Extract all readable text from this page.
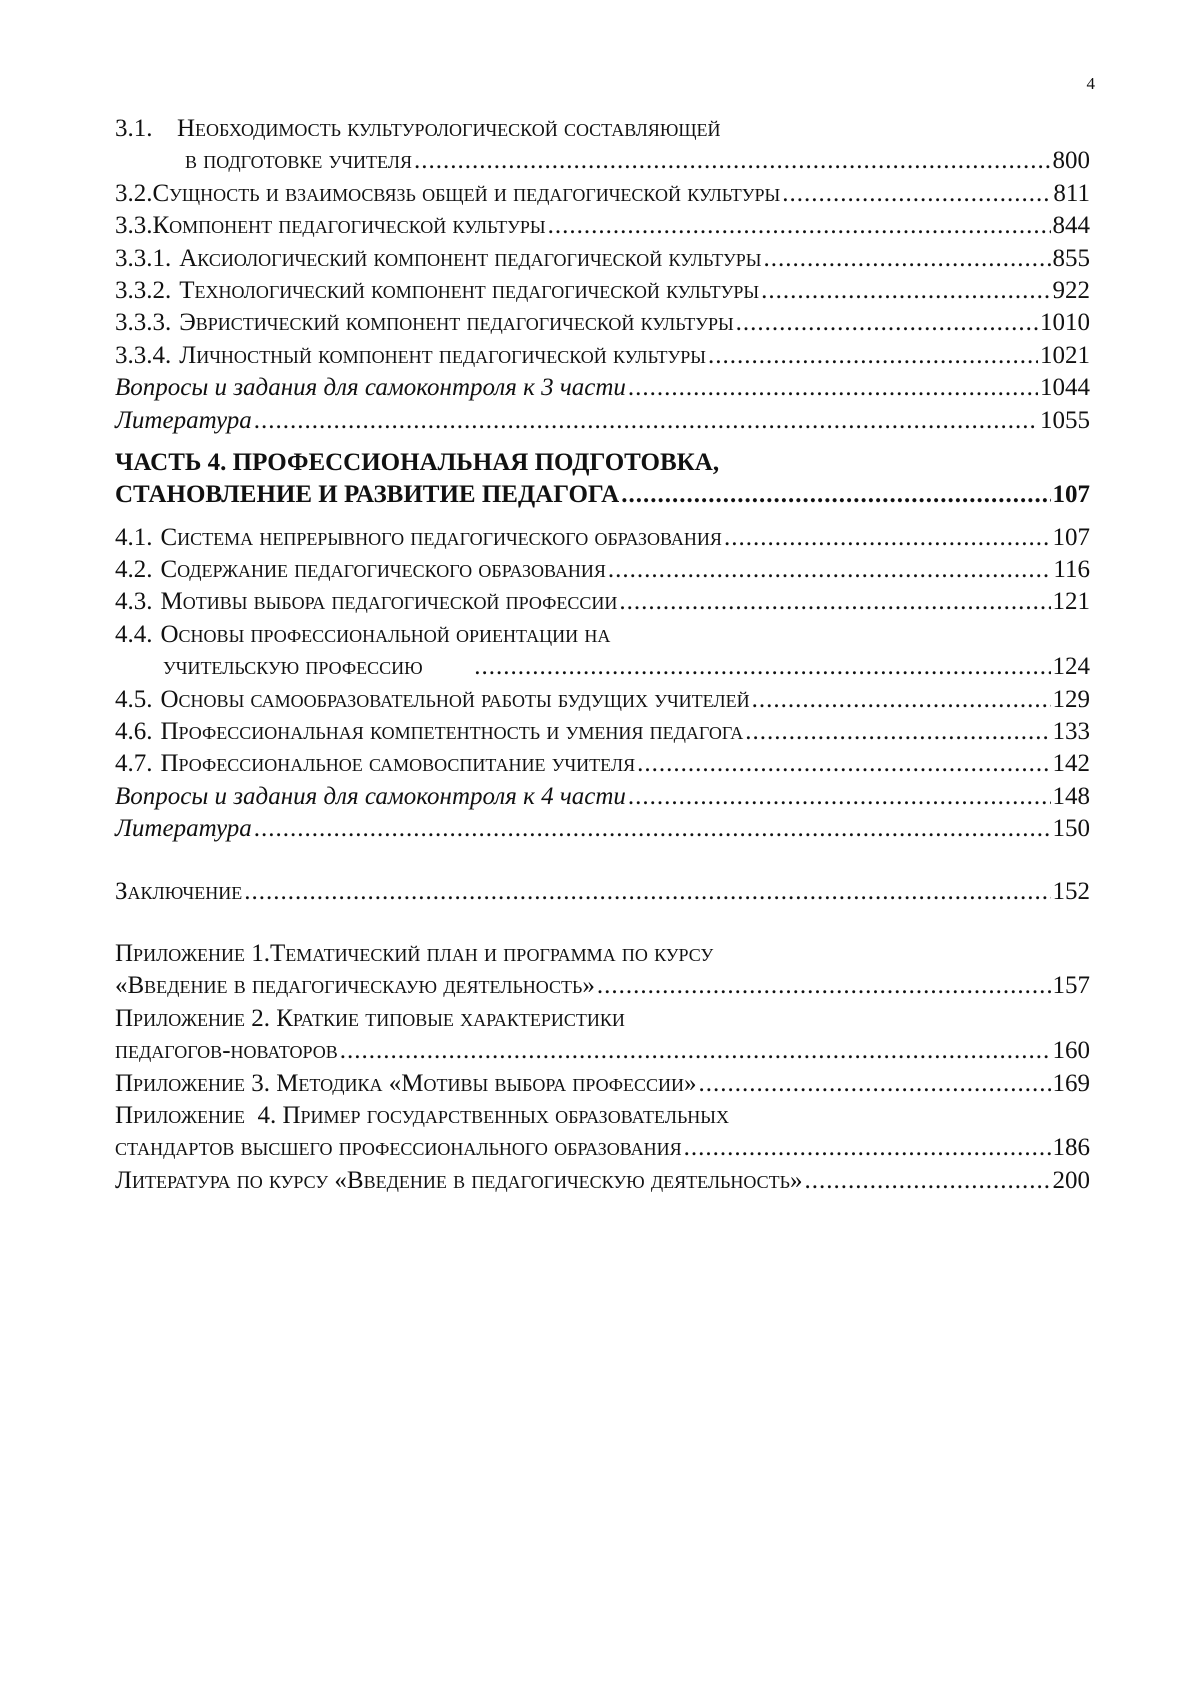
4
3.1. Необходимость культурологической составляющей
в подготовке учителя .....	800
3.2. Сущность и взаимосвязь общей и педагогической культуры .....	811
3.3. Компонент педагогической культуры .....	844
3.3.1. Аксиологический компонент педагогической культуры .....	855
3.3.2. Технологический компонент педагогической культуры .....	922
3.3.3. Эвристический компонент педагогической культуры .....	1010
3.3.4. Личностный компонент педагогической культуры .....	1021
Вопросы и задания для самоконтроля к 3 части .....	1044
Литература .....	1055
ЧАСТЬ 4. ПРОФЕССИОНАЛЬНАЯ ПОДГОТОВКА,
СТАНОВЛЕНИЕ И РАЗВИТИЕ ПЕДАГОГА .....	107
4.1. Система непрерывного педагогического образования .....	107
4.2. Содержание педагогического образования .....	116
4.3. Мотивы выбора педагогической профессии .....	121
4.4. Основы профессиональной ориентации на
учительскую профессию .....	124
4.5. Основы самообразовательной работы будущих учителей .....	129
4.6. Профессиональная компетентность и умения педагога .....	133
4.7. Профессиональное самовоспитание учителя .....	142
Вопросы и задания для самоконтроля к 4 части .....	148
Литература .....	150
Заключение .....	152
Приложение 1.Тематический план и программа по курсу
«Введение в педагогическаую деятельность» .....	157
Приложение 2. Краткие типовые характеристики
педагогов-новаторов .....	160
Приложение 3. Методика «Мотивы выбора профессии» .....	169
Приложение  4. Пример государственных образовательных
стандартов высшего профессионального образования .....	186
Литература по курсу «Введение в педагогическую деятельность» .....	200
